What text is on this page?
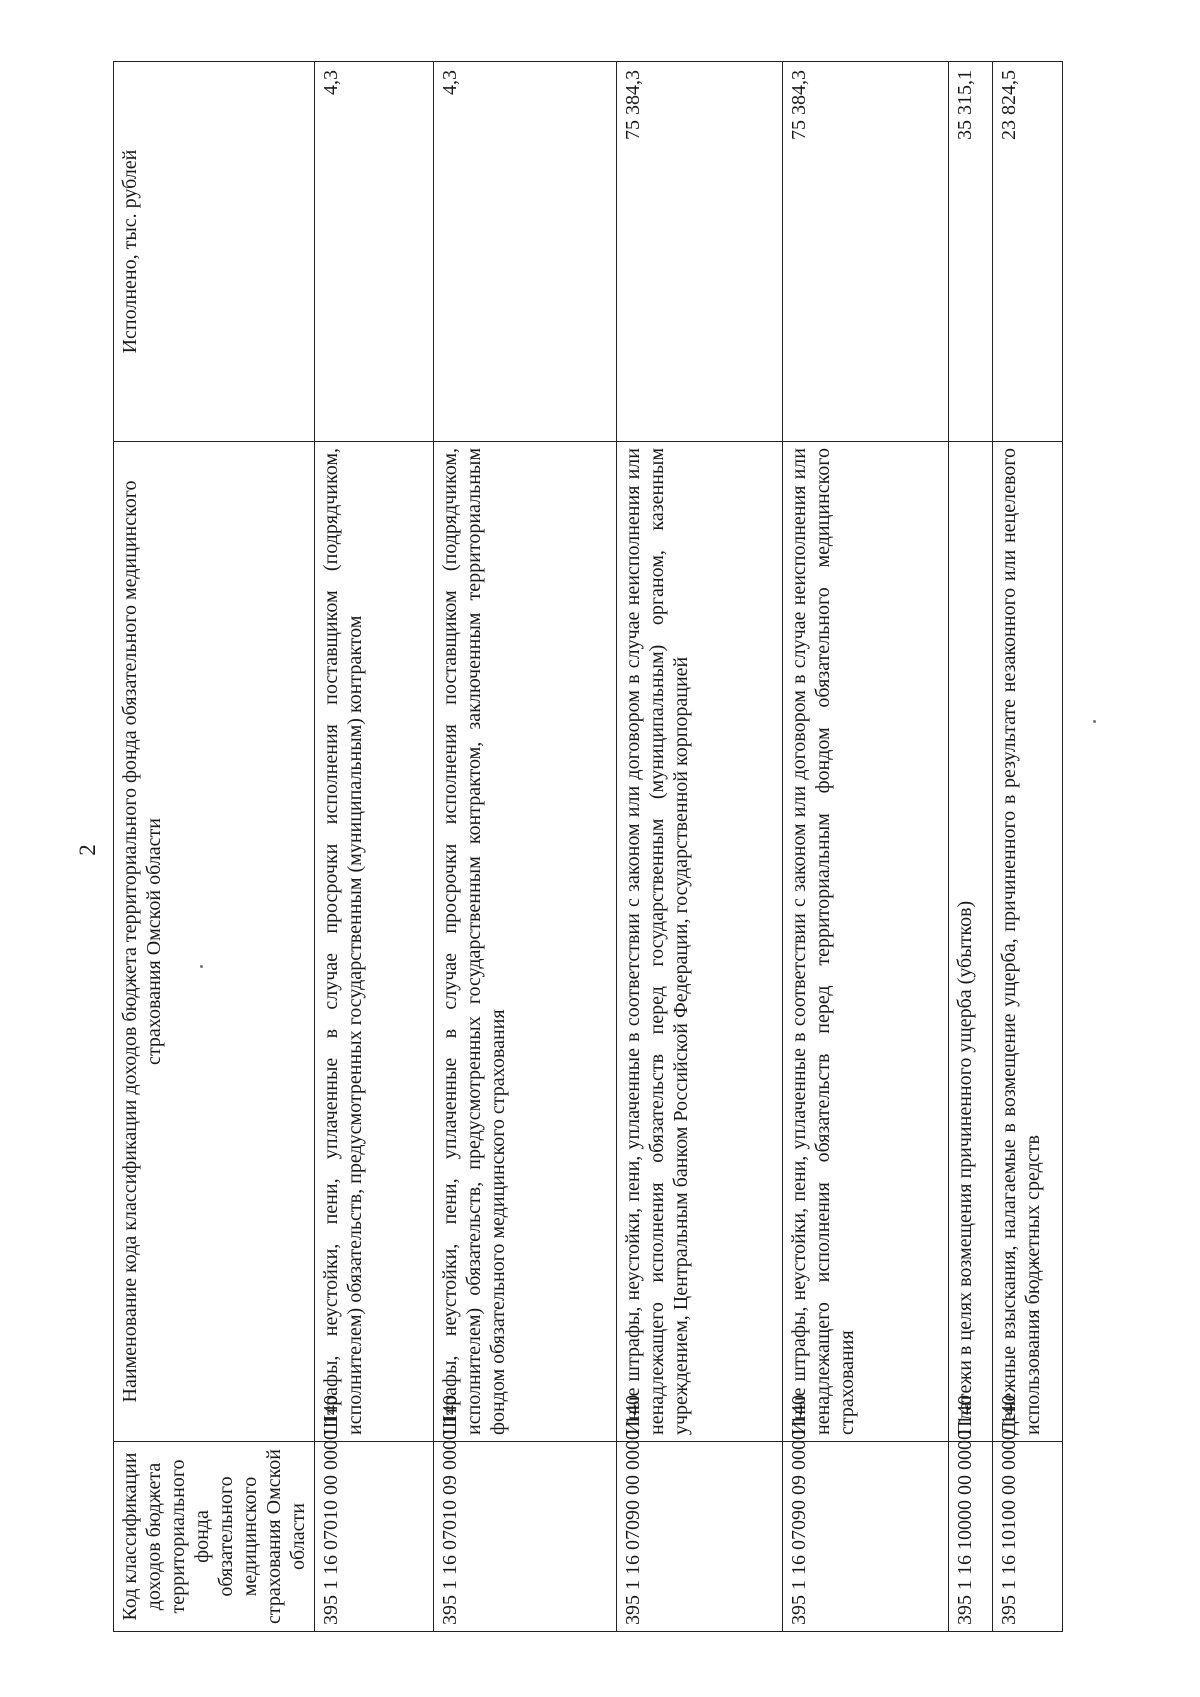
2
Код классификации доходов бюджета территориального фонда обязательного медицинского страхования Омской области	Наименование кода классификации доходов бюджета территориального фонда обязательного медицинского страхования Омской области	Исполнено, тыс. рублей
395 1 16 07010 00 0000 140	Штрафы, неустойки, пени, уплаченные в случае просрочки исполнения поставщиком (подрядчиком, исполнителем) обязательств, предусмотренных государственным (муниципальным) контрактом	4,3
395 1 16 07010 09 0000 140	Штрафы, неустойки, пени, уплаченные в случае просрочки исполнения поставщиком (подрядчиком, исполнителем) обязательств, предусмотренных государственным контрактом, заключенным территориальным фондом обязательного медицинского страхования	4,3
395 1 16 07090 00 0000 140	Иные штрафы, неустойки, пени, уплаченные в соответствии с законом или договором в случае неисполнения или ненадлежащего исполнения обязательств перед государственным (муниципальным) органом, казенным учреждением, Центральным банком Российской Федерации, государственной корпорацией	75 384,3
395 1 16 07090 09 0000 140	Иные штрафы, неустойки, пени, уплаченные в соответствии с законом или договором в случае неисполнения или ненадлежащего исполнения обязательств перед территориальным фондом обязательного медицинского страхования	75 384,3
395 1 16 10000 00 0000 140	Платежи в целях возмещения причиненного ущерба (убытков)	35 315,1
395 1 16 10100 00 0000 140	Денежные взыскания, налагаемые в возмещение ущерба, причиненного в результате незаконного или нецелевого использования бюджетных средств	23 824,5
